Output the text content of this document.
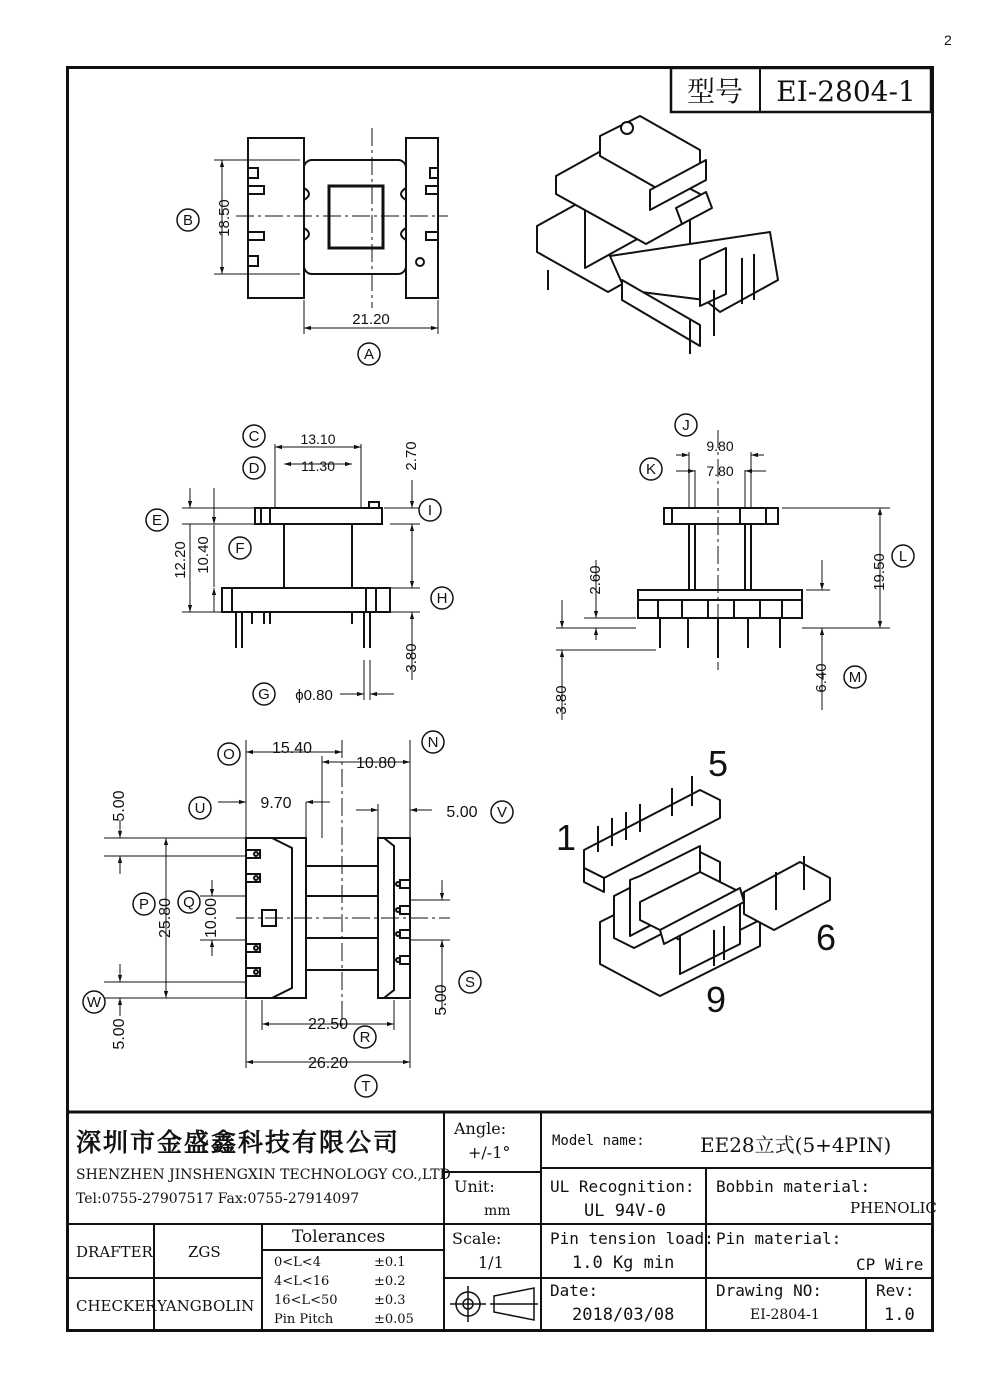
2
型号 EI-2804-1
18.50
21.20
13.10
11.30
12.20 10.40
2.70
3.80
ϕ0.80
9.80
7.80
19.50
6.40
2.60
3.80
15.40
10.80
9.70
5.00
5.00
25.80 10.00
5.00
5.00
22.50
26.20
1
5
6
9
A
B
C
D
E
F
G
H
I
J
K
L
M
N
O
P Q
R
S
T
U	V
W
深圳市金盛鑫科技有限公司
SHENZHEN JINSHENGXIN TECHNOLOGY CO.,LTD
Tel:0755-27907517 Fax:0755-27914097
Angle:
+/-1°
Unit:
mm
Scale:
1/1
Model name:	EE28立式(5+4PIN)
UL Recognition:
UL 94V-0
Bobbin material:
PHENOLIC
Pin tension load:
1.0 Kg min
Pin material:
CP Wire
DRAFTER ZGS
CHECKER YANGBOLIN
Tolerances
0<L<4
4<L<16
16<L<50
Pin Pitch
±0.1
±0.2
±0.3
±0.05
Date:
2018/03/08
Drawing NO:
EI-2804-1
Rev:
1.0
